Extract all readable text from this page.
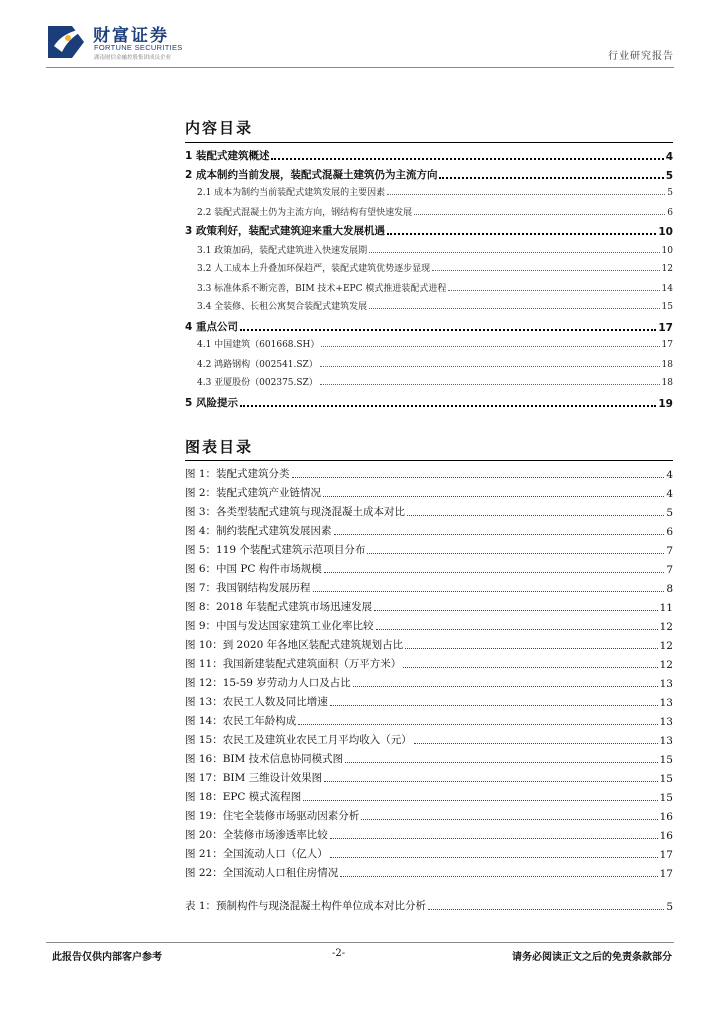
财富证券
FORTUNE SECURITIES
湖南财信金融控股集团成员企业	行业研究报告
内容目录
1 装配式建筑概述	4
2 成本制约当前发展，装配式混凝土建筑仍为主流方向	5
2.1 成本为制约当前装配式建筑发展的主要因素	5
2.2 装配式混凝土仍为主流方向，钢结构有望快速发展	6
3 政策利好，装配式建筑迎来重大发展机遇	10
3.1 政策加码，装配式建筑进入快速发展期	10
3.2 人工成本上升叠加环保趋严，装配式建筑优势逐步显现	12
3.3 标准体系不断完善，BIM 技术+EPC 模式推进装配式进程	14
3.4 全装修、长租公寓契合装配式建筑发展	15
4 重点公司	17
4.1 中国建筑（601668.SH）	17
4.2 鸿路钢构（002541.SZ）	18
4.3 亚厦股份（002375.SZ）	18
5 风险提示	19
图表目录
图 1：装配式建筑分类	4
图 2：装配式建筑产业链情况	4
图 3：各类型装配式建筑与现浇混凝土成本对比	5
图 4：制约装配式建筑发展因素	6
图 5：119 个装配式建筑示范项目分布	7
图 6：中国 PC 构件市场规模	7
图 7：我国钢结构发展历程	8
图 8：2018 年装配式建筑市场迅速发展	11
图 9：中国与发达国家建筑工业化率比较	12
图 10：到 2020 年各地区装配式建筑规划占比	12
图 11：我国新建装配式建筑面积（万平方米）	12
图 12：15-59 岁劳动力人口及占比	13
图 13：农民工人数及同比增速	13
图 14：农民工年龄构成	13
图 15：农民工及建筑业农民工月平均收入（元）	13
图 16：BIM 技术信息协同模式图	15
图 17：BIM 三维设计效果图	15
图 18：EPC 模式流程图	15
图 19：住宅全装修市场驱动因素分析	16
图 20：全装修市场渗透率比较	16
图 21：全国流动人口（亿人）	17
图 22：全国流动人口租住房情况	17
表 1：预制构件与现浇混凝土构件单位成本对比分析	5
此报告仅供内部客户参考	-2-	请务必阅读正文之后的免责条款部分
